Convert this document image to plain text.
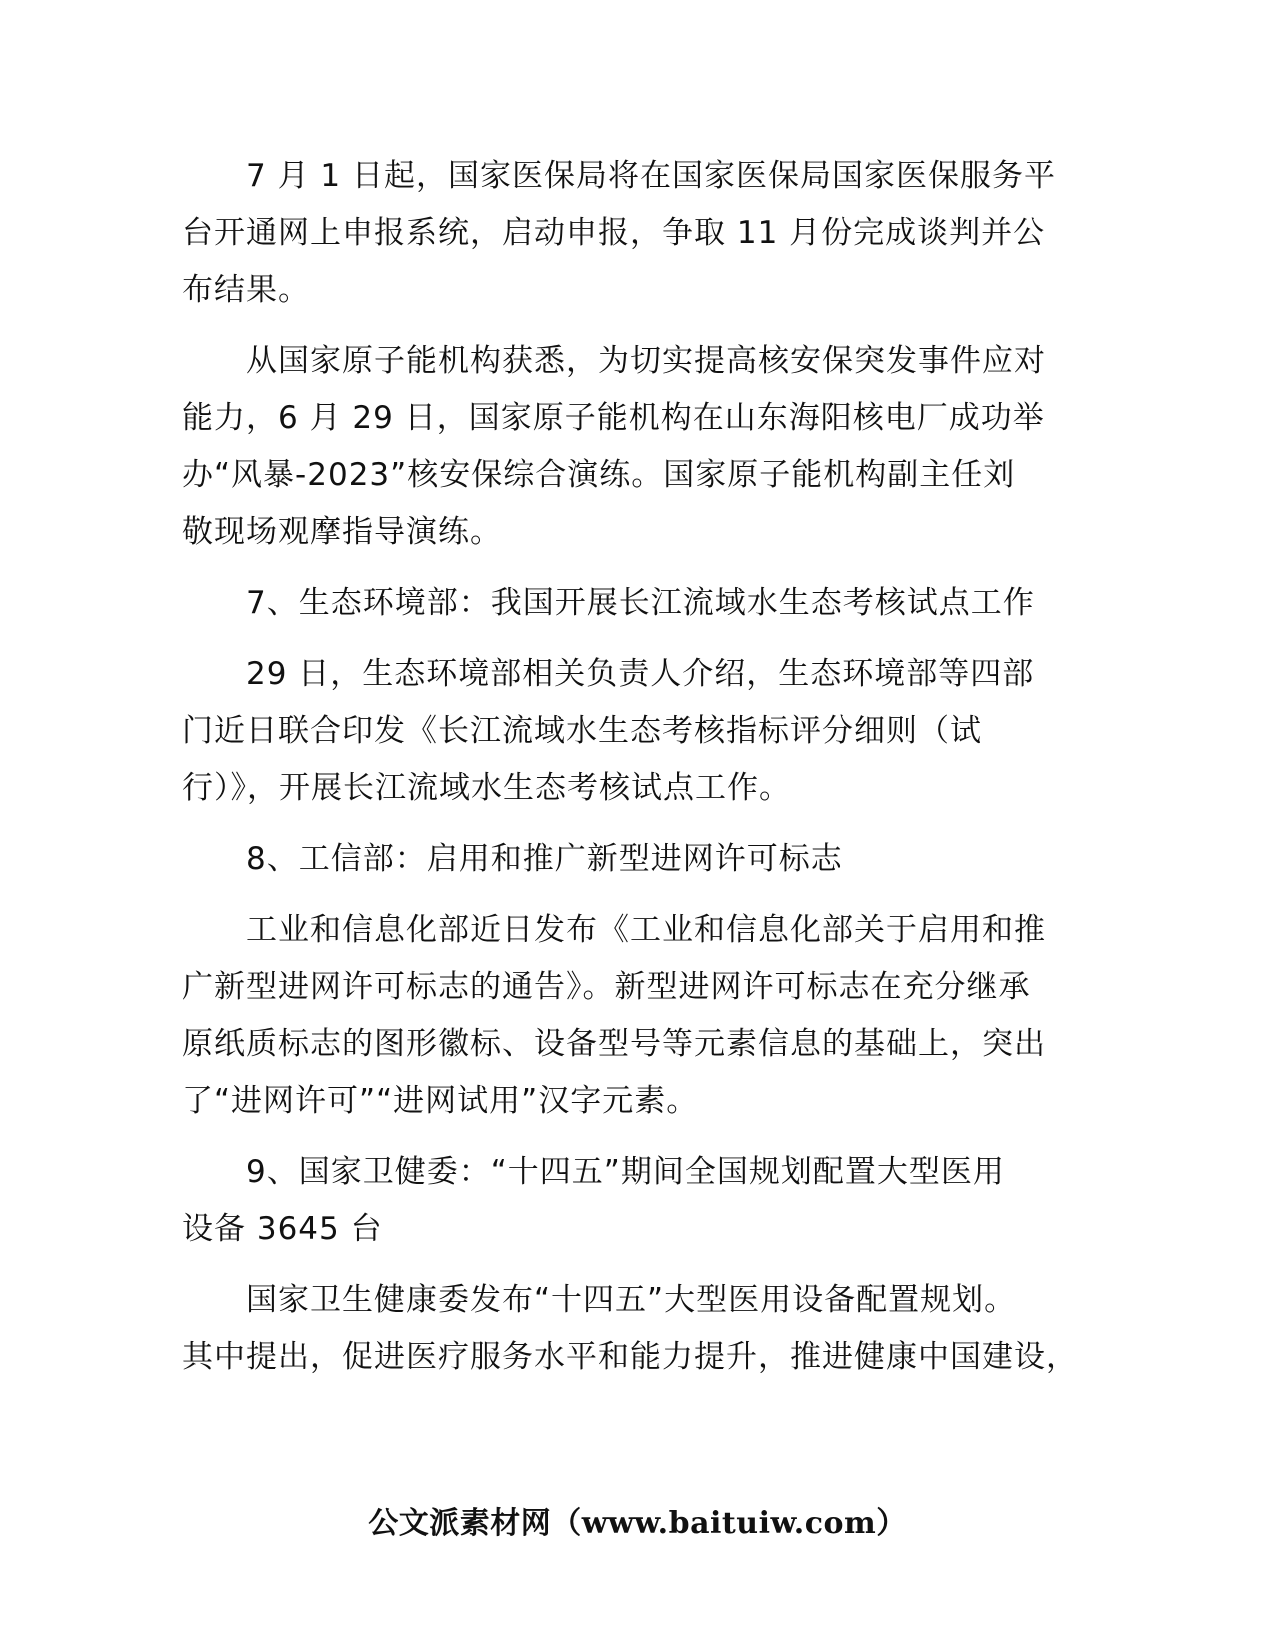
7 月 1 日起，国家医保局将在国家医保局国家医保服务平
台开通网上申报系统，启动申报，争取 11 月份完成谈判并公
布结果。

从国家原子能机构获悉，为切实提高核安保突发事件应对
能力，6 月 29 日，国家原子能机构在山东海阳核电厂成功举
办“风暴-2023”核安保综合演练。国家原子能机构副主任刘
敬现场观摩指导演练。

7、生态环境部：我国开展长江流域水生态考核试点工作

29 日，生态环境部相关负责人介绍，生态环境部等四部
门近日联合印发《长江流域水生态考核指标评分细则（试
行）》，开展长江流域水生态考核试点工作。

8、工信部：启用和推广新型进网许可标志

工业和信息化部近日发布《工业和信息化部关于启用和推
广新型进网许可标志的通告》。新型进网许可标志在充分继承
原纸质标志的图形徽标、设备型号等元素信息的基础上，突出
了“进网许可”“进网试用”汉字元素。

9、国家卫健委：“十四五”期间全国规划配置大型医用
设备 3645 台

国家卫生健康委发布“十四五”大型医用设备配置规划。
其中提出，促进医疗服务水平和能力提升，推进健康中国建设，

公文派素材网（www.baituiw.com）
